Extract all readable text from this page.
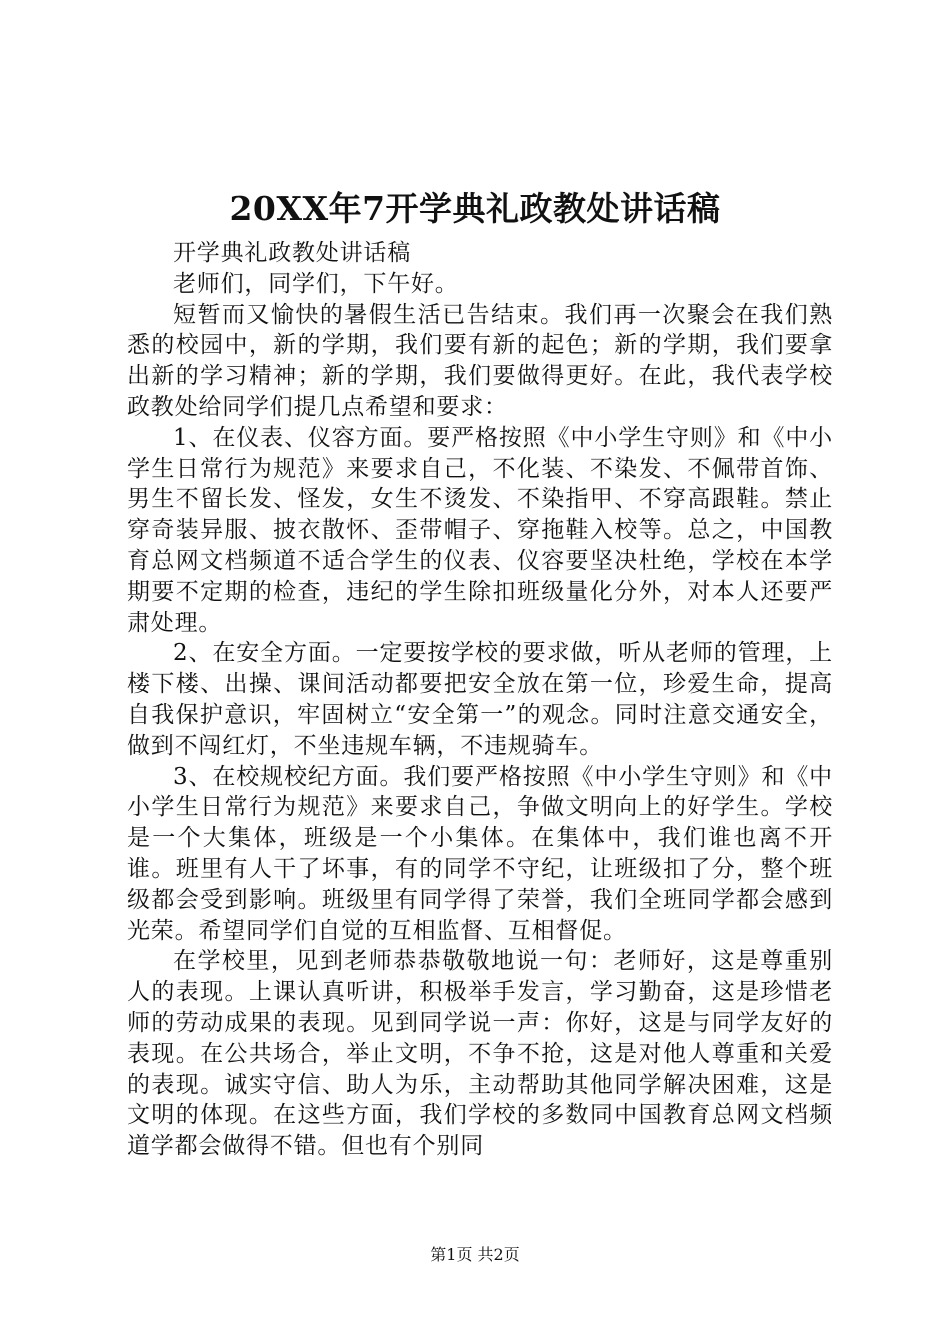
20XX年7开学典礼政教处讲话稿

开学典礼政教处讲话稿

老师们，同学们，下午好。

短暂而又愉快的暑假生活已告结束。我们再一次聚会在我们熟悉的校园中，新的学期，我们要有新的起色；新的学期，我们要拿出新的学习精神；新的学期，我们要做得更好。在此，我代表学校政教处给同学们提几点希望和要求：

1、在仪表、仪容方面。要严格按照《中小学生守则》和《中小学生日常行为规范》来要求自己，不化装、不染发、不佩带首饰、男生不留长发、怪发，女生不烫发、不染指甲、不穿高跟鞋。禁止穿奇装异服、披衣散怀、歪带帽子、穿拖鞋入校等。总之，中国教育总网文档频道不适合学生的仪表、仪容要坚决杜绝，学校在本学期要不定期的检查，违纪的学生除扣班级量化分外，对本人还要严肃处理。

2、在安全方面。一定要按学校的要求做，听从老师的管理，上楼下楼、出操、课间活动都要把安全放在第一位，珍爱生命，提高自我保护意识，牢固树立“安全第一”的观念。同时注意交通安全，做到不闯红灯，不坐违规车辆，不违规骑车。

3、在校规校纪方面。我们要严格按照《中小学生守则》和《中小学生日常行为规范》来要求自己，争做文明向上的好学生。学校是一个大集体，班级是一个小集体。在集体中，我们谁也离不开谁。班里有人干了坏事，有的同学不守纪，让班级扣了分，整个班级都会受到影响。班级里有同学得了荣誉，我们全班同学都会感到光荣。希望同学们自觉的互相监督、互相督促。

在学校里，见到老师恭恭敬敬地说一句：老师好，这是尊重别人的表现。上课认真听讲，积极举手发言，学习勤奋，这是珍惜老师的劳动成果的表现。见到同学说一声：你好，这是与同学友好的表现。在公共场合，举止文明，不争不抢，这是对他人尊重和关爱的表现。诚实守信、助人为乐，主动帮助其他同学解决困难，这是文明的体现。在这些方面，我们学校的多数同中国教育总网文档频道学都会做得不错。但也有个别同

第1页 共2页
